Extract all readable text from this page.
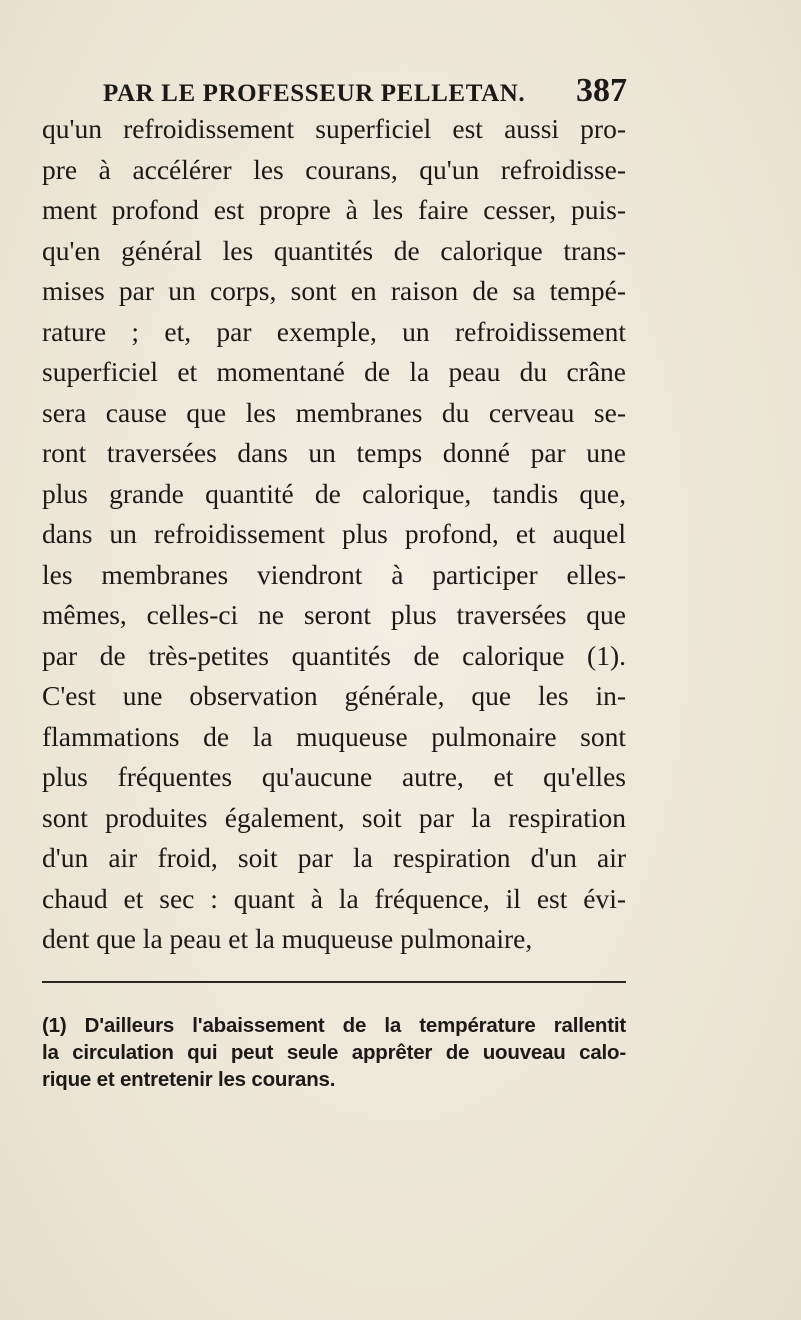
PAR LE PROFESSEUR PELLETAN. 387
qu'un refroidissement superficiel est aussi pro-
pre à accélérer les courans, qu'un refroidisse-
ment profond est propre à les faire cesser, puis-
qu'en général les quantités de calorique trans-
mises par un corps, sont en raison de sa tempé-
rature ; et, par exemple, un refroidissement
superficiel et momentané de la peau du crâne
sera cause que les membranes du cerveau se-
ront traversées dans un temps donné par une
plus grande quantité de calorique, tandis que,
dans un refroidissement plus profond, et auquel
les membranes viendront à participer elles-
mêmes, celles-ci ne seront plus traversées que
par de très-petites quantités de calorique (1).
C'est une observation générale, que les in-
flammations de la muqueuse pulmonaire sont
plus fréquentes qu'aucune autre, et qu'elles
sont produites également, soit par la respiration
d'un air froid, soit par la respiration d'un air
chaud et sec : quant à la fréquence, il est évi-
dent que la peau et la muqueuse pulmonaire,
(1) D'ailleurs l'abaissement de la température rallentit
la circulation qui peut seule apprêter de uouveau calo-
rique et entretenir les courans.
